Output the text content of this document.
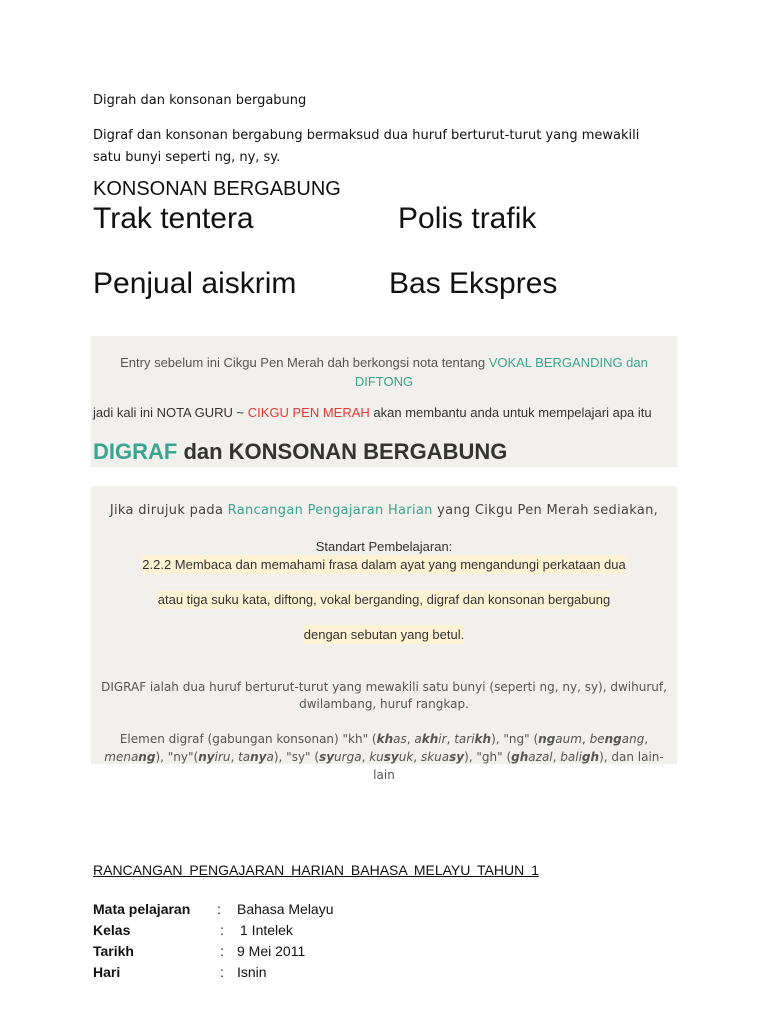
Digrah dan konsonan bergabung
Digraf dan konsonan bergabung bermaksud dua huruf berturut-turut yang mewakili satu bunyi seperti ng, ny, sy.
KONSONAN BERGABUNG
Trak tentera	Polis trafik
Penjual aiskrim	Bas Ekspres
Entry sebelum ini Cikgu Pen Merah dah berkongsi nota tentang VOKAL BERGANDING dan DIFTONG
jadi kali ini NOTA GURU ~ CIKGU PEN MERAH akan membantu anda untuk mempelajari apa itu
DIGRAF dan KONSONAN BERGABUNG
Jika dirujuk pada Rancangan Pengajaran Harian yang Cikgu Pen Merah sediakan,
Standart Pembelajaran:
2.2.2 Membaca dan memahami frasa dalam ayat yang mengandungi perkataan dua
atau tiga suku kata, diftong, vokal berganding, digraf dan konsonan bergabung
dengan sebutan yang betul.
DIGRAF ialah dua huruf berturut-turut yang mewakili satu bunyi (seperti ng, ny, sy), dwihuruf, dwilambang, huruf rangkap.
Elemen digraf (gabungan konsonan) "kh" (khas, akhir, tarikh), "ng" (ngaum, bengang, menang), "ny"(nyiru, tanya), "sy" (syurga, kusyuk, skuasy), "gh" (ghazal, baligh), dan lain-lain
RANCANGAN PENGAJARAN HARIAN BAHASA MELAYU TAHUN 1
Mata pelajaran : Bahasa Melayu
Kelas	: 1 Intelek
Tarikh	: 9 Mei 2011
Hari	: Isnin
